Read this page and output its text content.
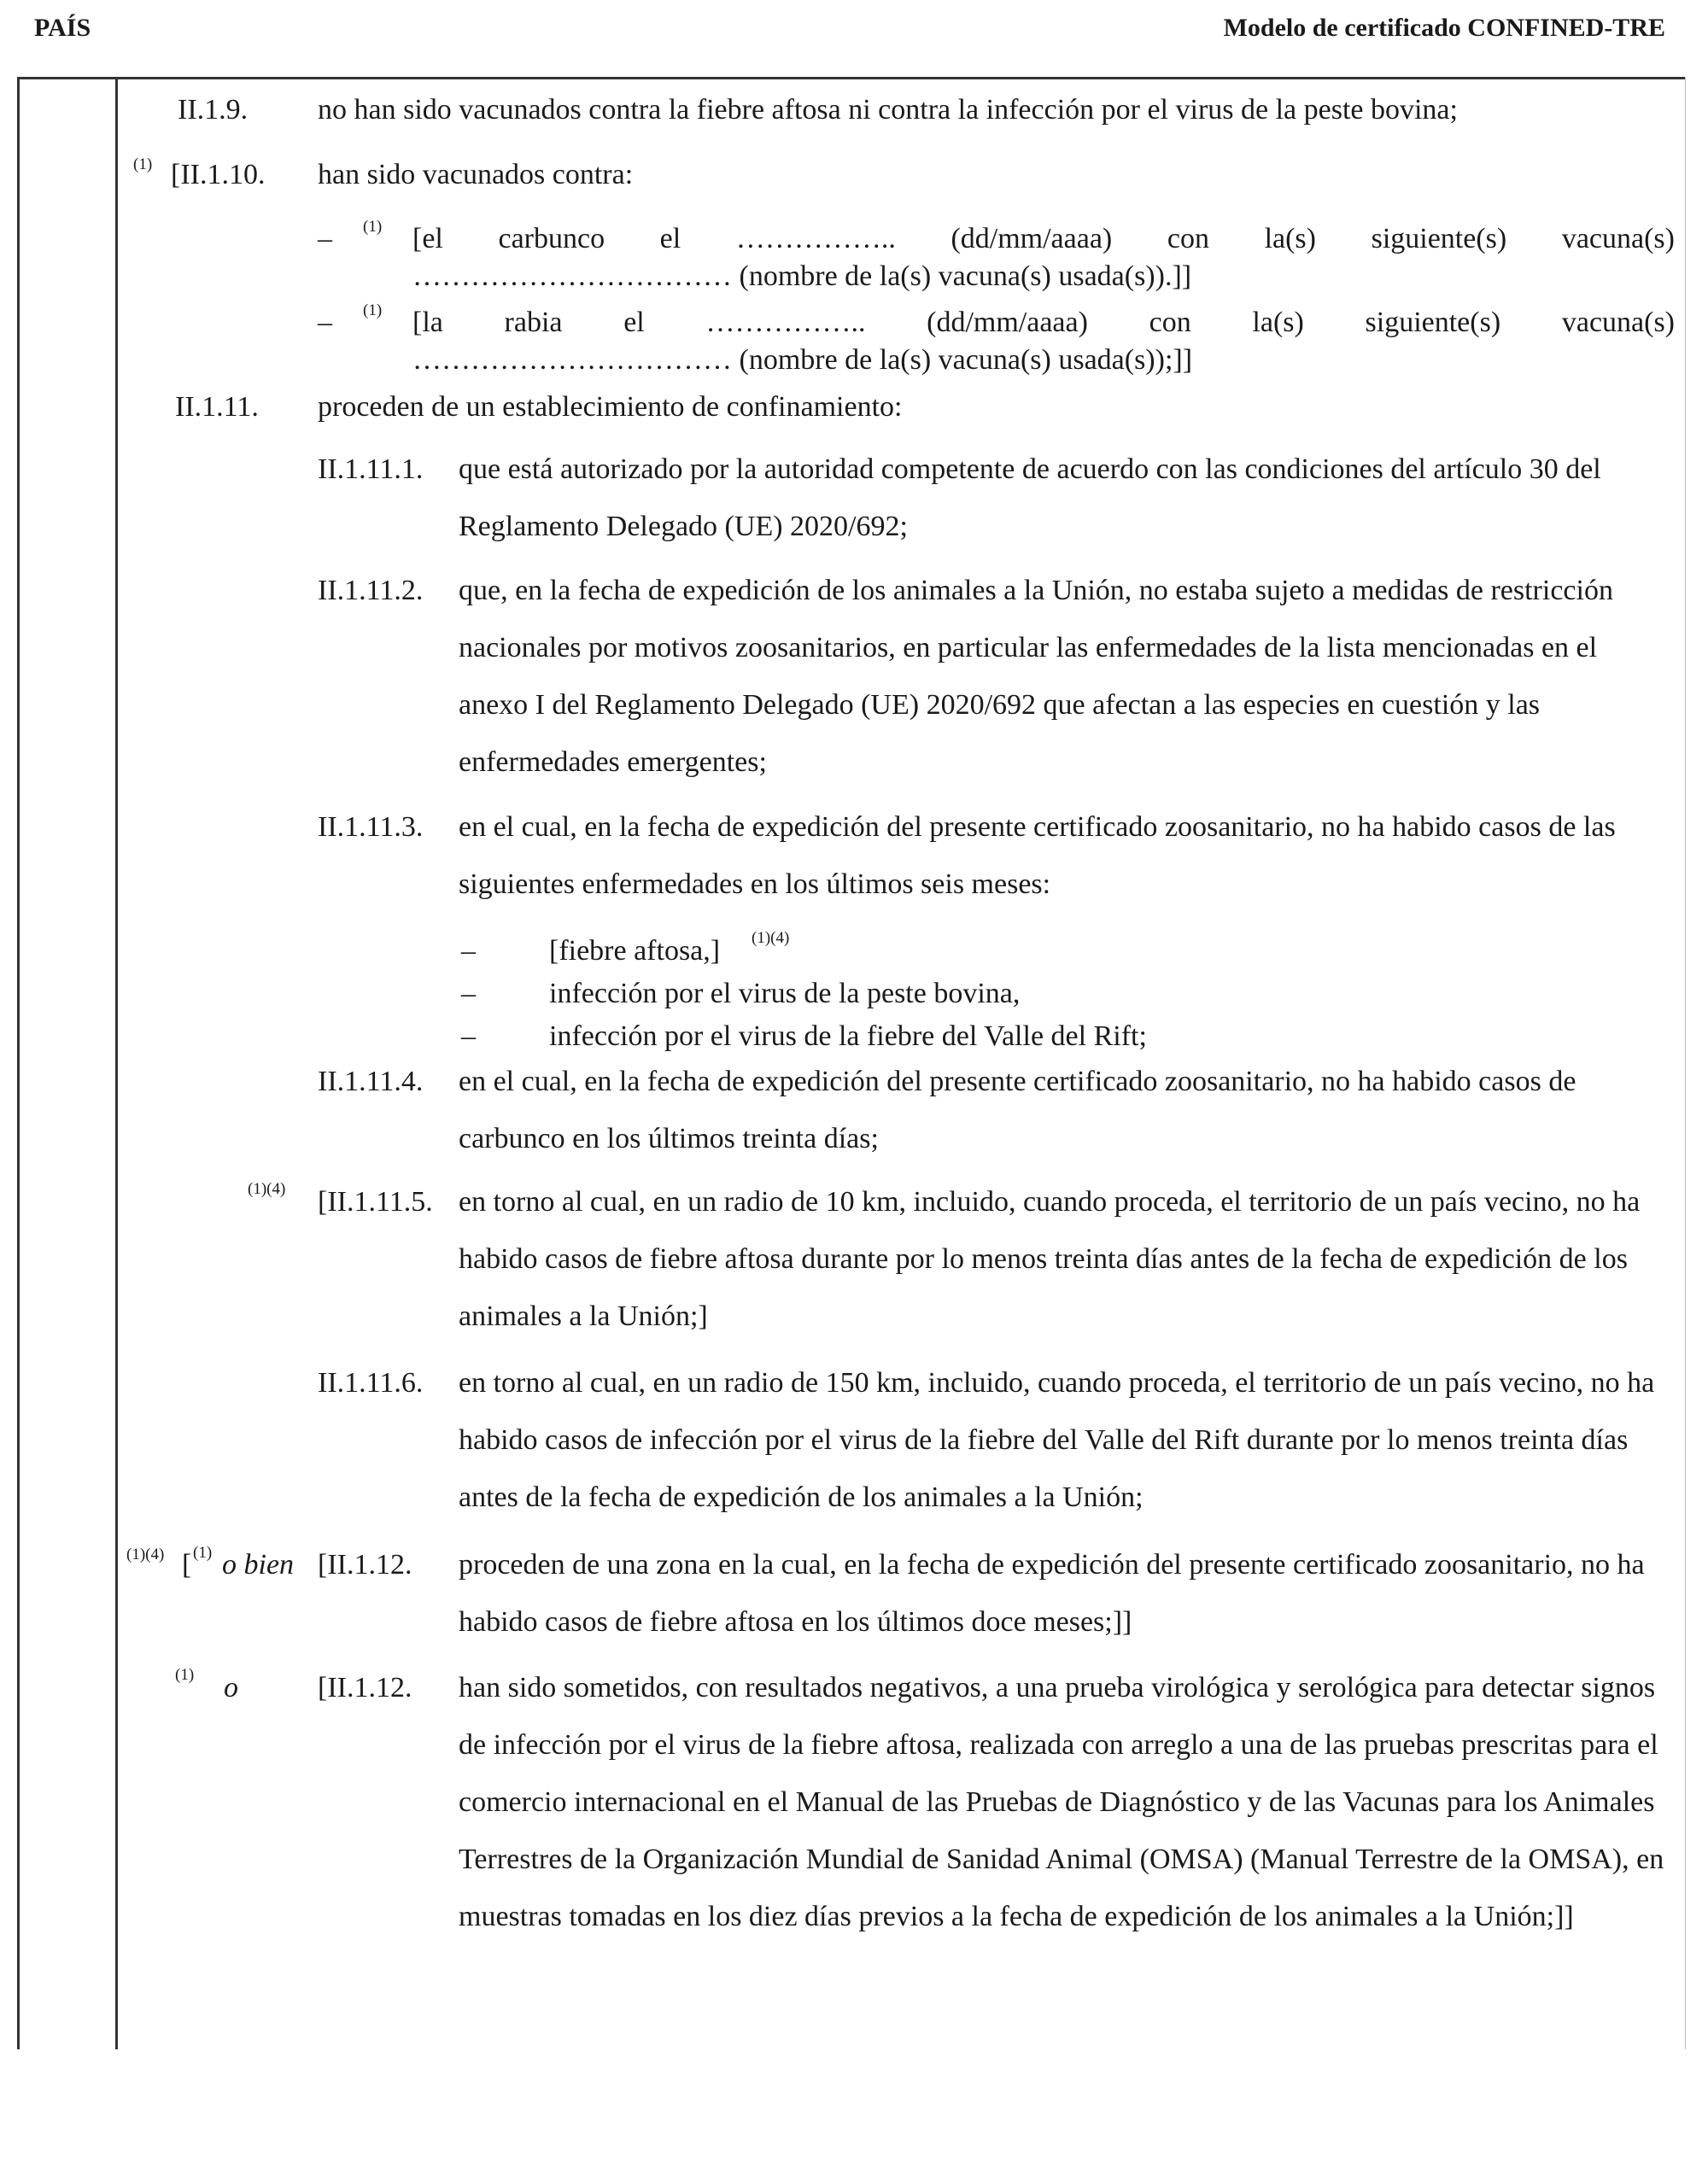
PAÍS	Modelo de certificado CONFINED-TRE
II.1.9. no han sido vacunados contra la fiebre aftosa ni contra la infección por el virus de la peste bovina;
(1) [II.1.10. han sido vacunados contra:
– (1) [el carbunco el …………….. (dd/mm/aaaa) con la(s) siguiente(s) vacuna(s)
…………………………… (nombre de la(s) vacuna(s) usada(s)).]]
– (1) [la rabia el …………….. (dd/mm/aaaa) con la(s) siguiente(s) vacuna(s)
…………………………… (nombre de la(s) vacuna(s) usada(s));]]
II.1.11. proceden de un establecimiento de confinamiento:
II.1.11.1. que está autorizado por la autoridad competente de acuerdo con las condiciones del artículo 30 del Reglamento Delegado (UE) 2020/692;
II.1.11.2. que, en la fecha de expedición de los animales a la Unión, no estaba sujeto a medidas de restricción nacionales por motivos zoosanitarios, en particular las enfermedades de la lista mencionadas en el anexo I del Reglamento Delegado (UE) 2020/692 que afectan a las especies en cuestión y las enfermedades emergentes;
II.1.11.3. en el cual, en la fecha de expedición del presente certificado zoosanitario, no ha habido casos de las siguientes enfermedades en los últimos seis meses:
–	[fiebre aftosa,] (1)(4)
–	infección por el virus de la peste bovina,
–	infección por el virus de la fiebre del Valle del Rift;
II.1.11.4. en el cual, en la fecha de expedición del presente certificado zoosanitario, no ha habido casos de carbunco en los últimos treinta días;
(1)(4) [II.1.11.5. en torno al cual, en un radio de 10 km, incluido, cuando proceda, el territorio de un país vecino, no ha habido casos de fiebre aftosa durante por lo menos treinta días antes de la fecha de expedición de los animales a la Unión;]
II.1.11.6. en torno al cual, en un radio de 150 km, incluido, cuando proceda, el territorio de un país vecino, no ha habido casos de infección por el virus de la fiebre del Valle del Rift durante por lo menos treinta días antes de la fecha de expedición de los animales a la Unión;
(1)(4) [ (1) o bien [II.1.12. proceden de una zona en la cual, en la fecha de expedición del presente certificado zoosanitario, no ha habido casos de fiebre aftosa en los últimos doce meses;]]
(1) o	[II.1.12. han sido sometidos, con resultados negativos, a una prueba virológica y serológica para detectar signos de infección por el virus de la fiebre aftosa, realizada con arreglo a una de las pruebas prescritas para el comercio internacional en el Manual de las Pruebas de Diagnóstico y de las Vacunas para los Animales Terrestres de la Organización Mundial de Sanidad Animal (OMSA) (Manual Terrestre de la OMSA), en muestras tomadas en los diez días previos a la fecha de expedición de los animales a la Unión;]]
